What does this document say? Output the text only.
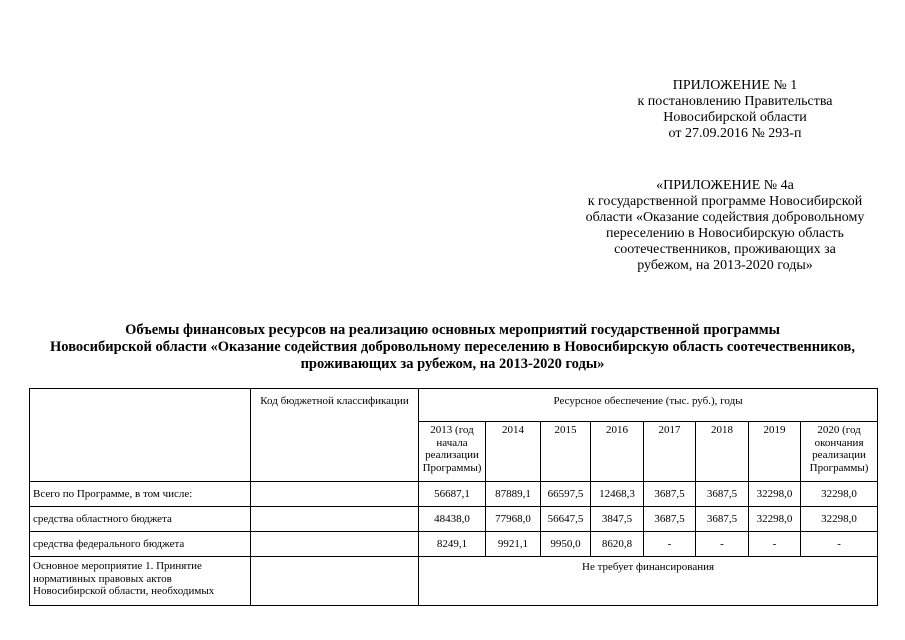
ПРИЛОЖЕНИЕ № 1
к постановлению Правительства
Новосибирской области
от 27.09.2016 № 293-п
«ПРИЛОЖЕНИЕ № 4а
к государственной программе Новосибирской
области «Оказание содействия добровольному
переселению в Новосибирскую область
соотечественников, проживающих за
рубежом, на 2013-2020 годы»
Объемы финансовых ресурсов на реализацию основных мероприятий государственной программы
Новосибирской области «Оказание содействия добровольному переселению в Новосибирскую область соотечественников,
проживающих за рубежом, на 2013-2020 годы»
	Код бюджетной классификации	Ресурсное обеспечение (тыс. руб.), годы							
		2013 (год начала реализации Программы)	2014	2015	2016	2017	2018	2019	2020 (год окончания реализации Программы)
Всего по Программе, в том числе:		56687,1	87889,1	66597,5	12468,3	3687,5	3687,5	32298,0	32298,0
средства областного бюджета		48438,0	77968,0	56647,5	3847,5	3687,5	3687,5	32298,0	32298,0
средства федерального бюджета		8249,1	9921,1	9950,0	8620,8	-	-	-	-
Основное мероприятие 1. Принятие нормативных правовых актов Новосибирской области, необходимых		Не требует финансирования							
